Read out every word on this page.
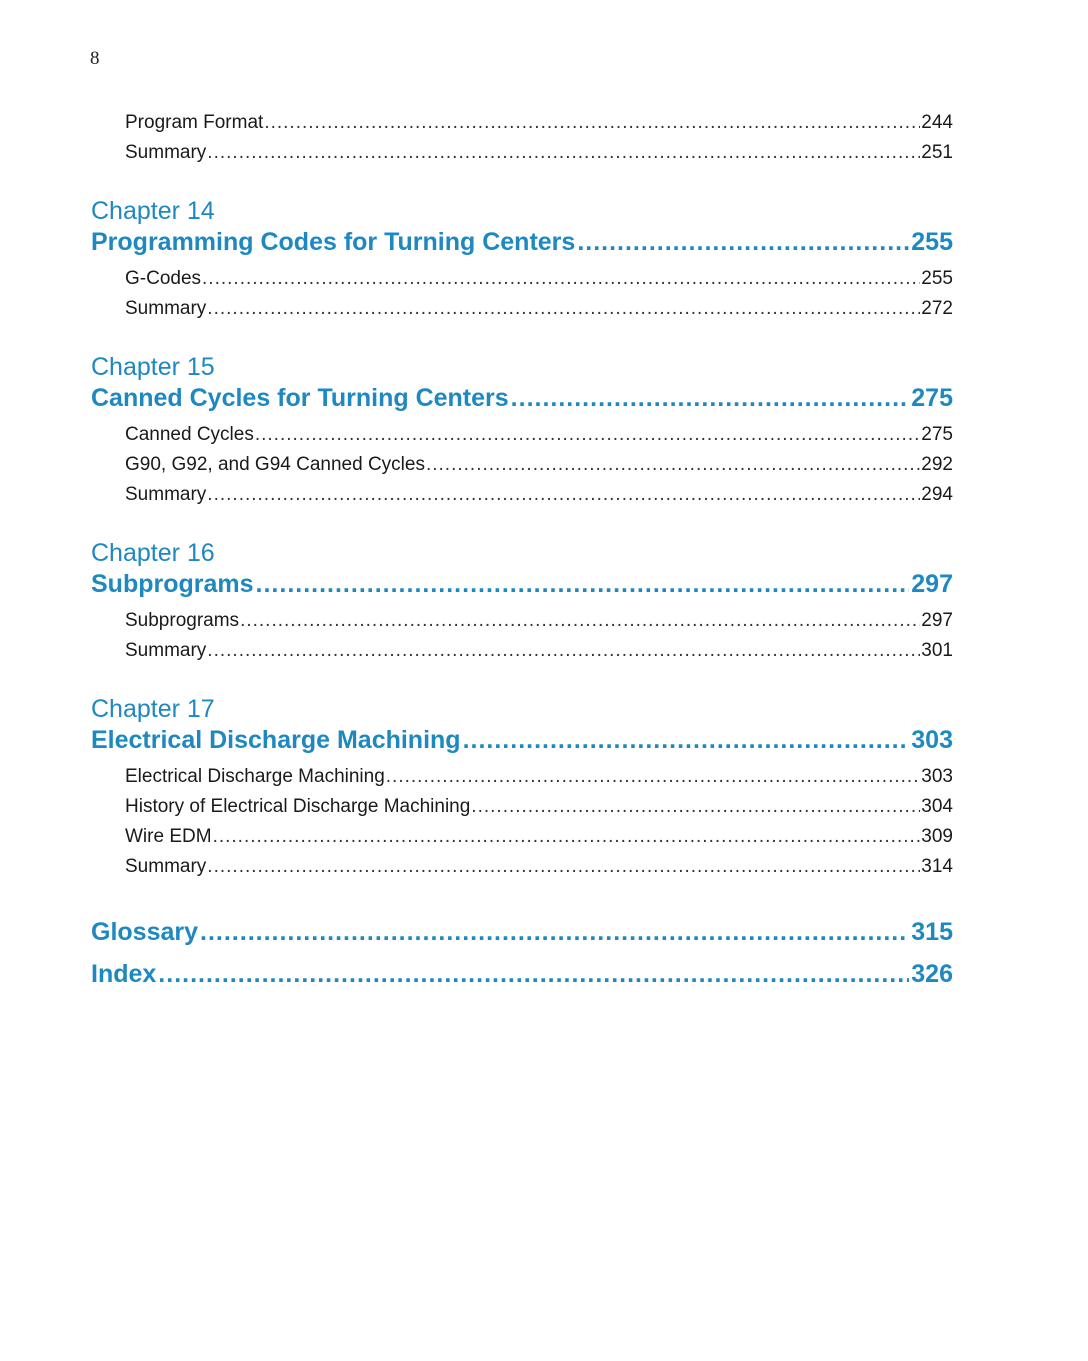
8
Program Format .....	244
Summary .....	251
Chapter 14
Programming Codes for Turning Centers .....	255
G-Codes .....	255
Summary .....	272
Chapter 15
Canned Cycles for Turning Centers .....	275
Canned Cycles .....	275
G90, G92, and G94 Canned Cycles .....	292
Summary .....	294
Chapter 16
Subprograms .....	297
Subprograms .....	297
Summary .....	301
Chapter 17
Electrical Discharge Machining .....	303
Electrical Discharge Machining .....	303
History of Electrical Discharge Machining .....	304
Wire EDM .....	309
Summary .....	314
Glossary .....	315
Index .....	326
